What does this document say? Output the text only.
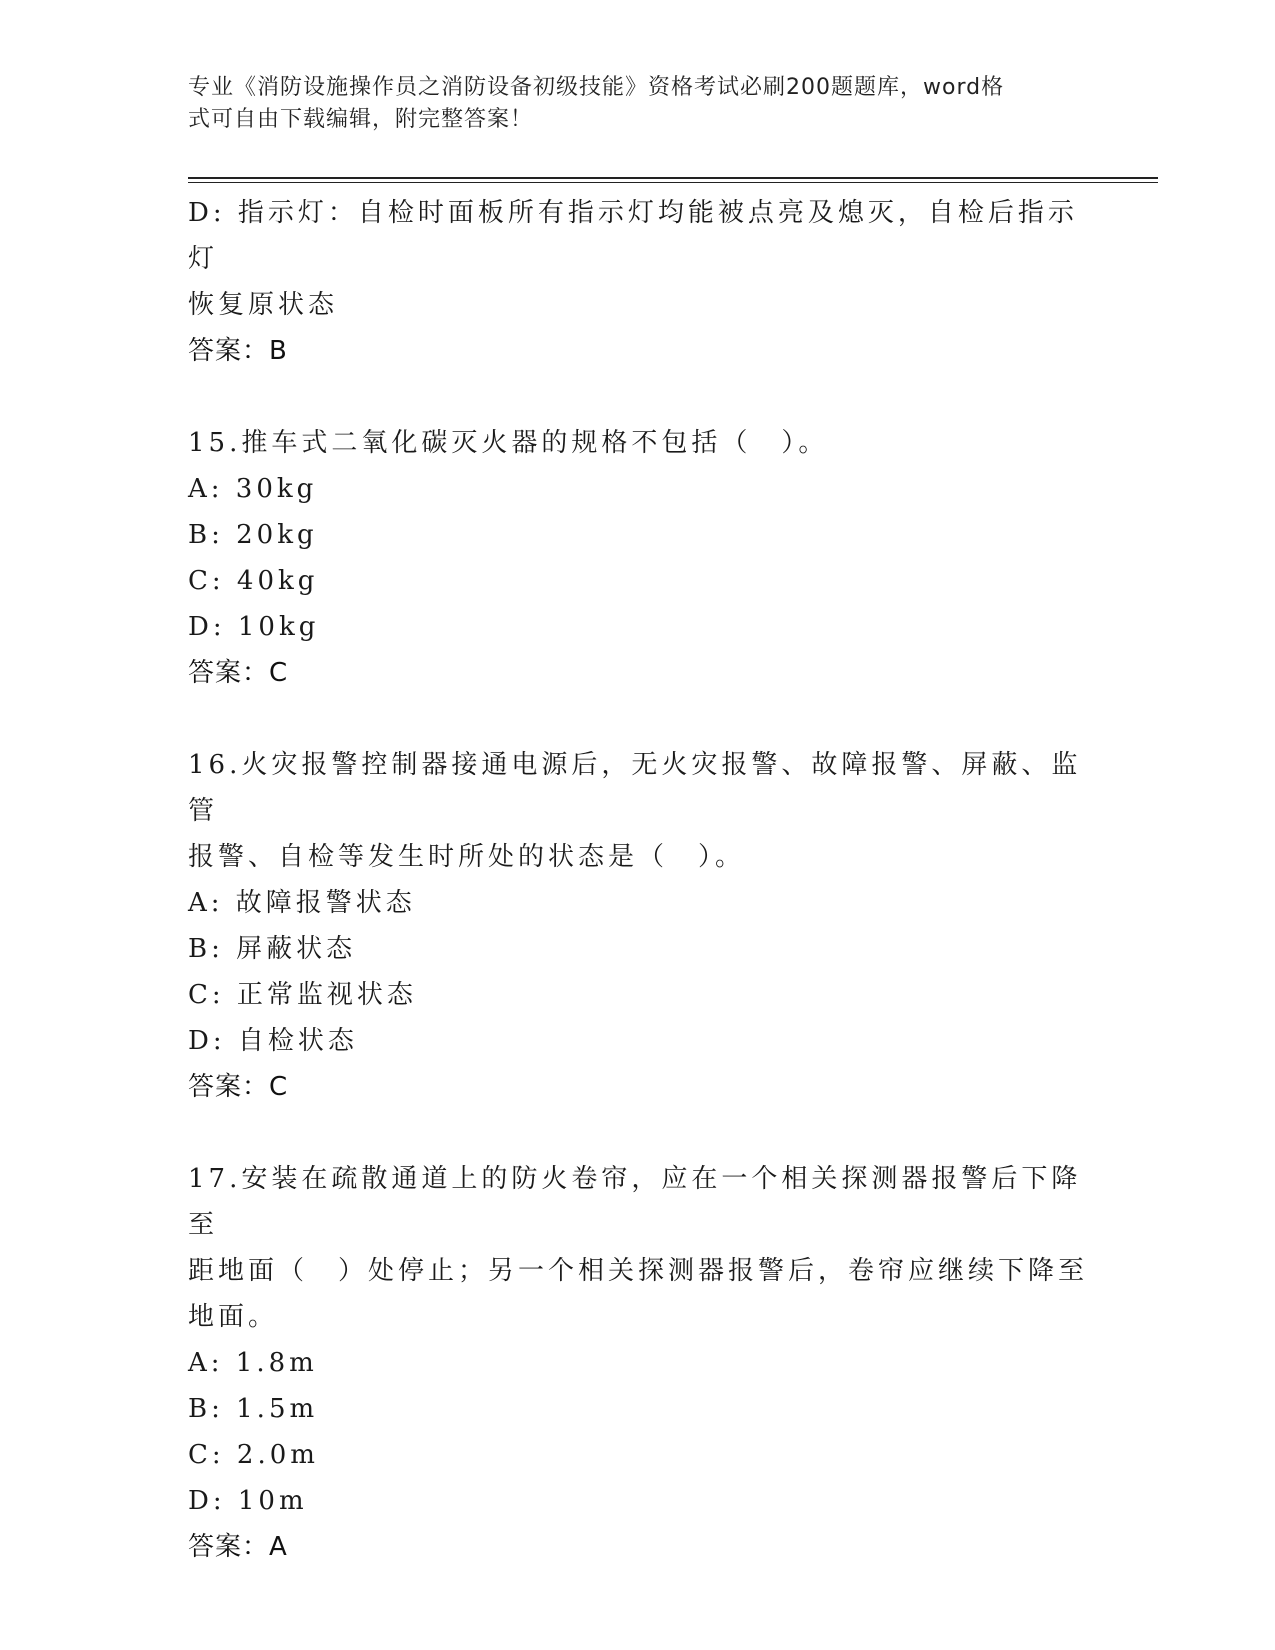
专业《消防设施操作员之消防设备初级技能》资格考试必刷200题题库，word格
式可自由下载编辑，附完整答案！
D: 指示灯：自检时面板所有指示灯均能被点亮及熄灭，自检后指示灯
恢复原状态
答案：B
15.推车式二氧化碳灭火器的规格不包括（　）。
A: 30kg
B: 20kg
C: 40kg
D: 10kg
答案：C
16.火灾报警控制器接通电源后，无火灾报警、故障报警、屏蔽、监管
报警、自检等发生时所处的状态是（　）。
A: 故障报警状态
B: 屏蔽状态
C: 正常监视状态
D: 自检状态
答案：C
17.安装在疏散通道上的防火卷帘，应在一个相关探测器报警后下降至
距地面（　）处停止；另一个相关探测器报警后，卷帘应继续下降至
地面。
A: 1.8m
B: 1.5m
C: 2.0m
D: 10m
答案：A
